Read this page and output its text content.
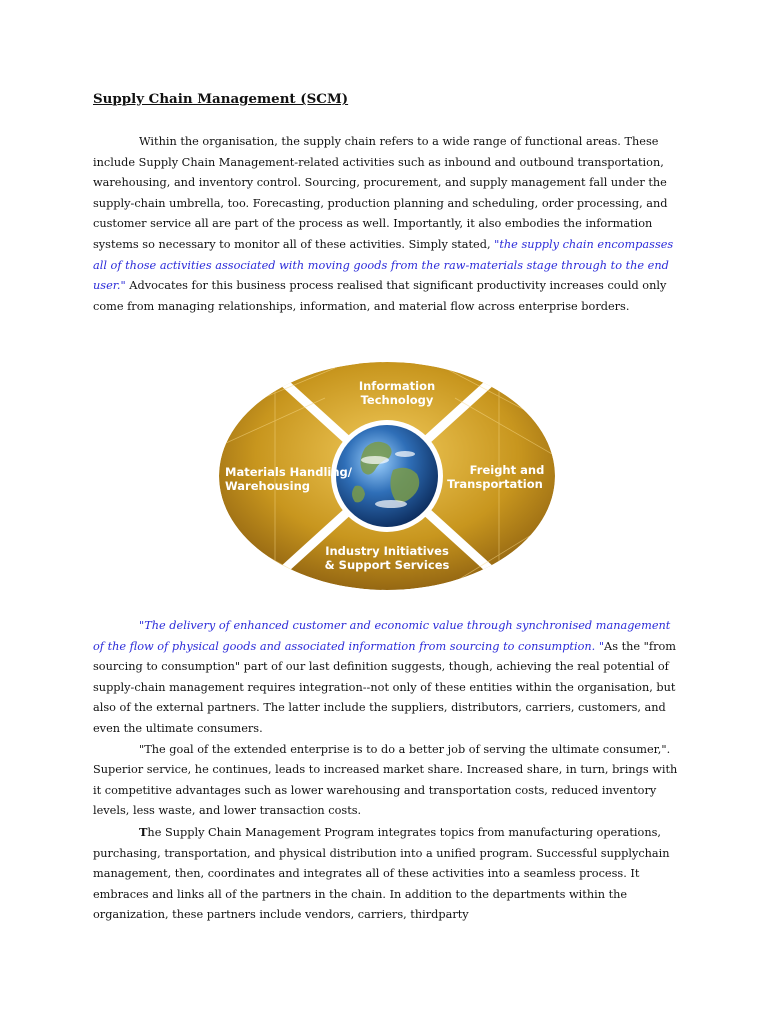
Supply Chain Management (SCM)

Within the organisation, the supply chain refers to a wide range of functional areas. These include Supply Chain Management-related activities such as inbound and outbound transportation, warehousing, and inventory control. Sourcing, procurement, and supply management fall under the supply-chain umbrella, too. Forecasting, production planning and scheduling, order processing, and customer service all are part of the process as well. Importantly, it also embodies the information systems so necessary to monitor all of these activities. Simply stated, "the supply chain encompasses all of those activities associated with moving goods from the raw-materials stage through to the end user." Advocates for this business process realised that significant productivity increases could only come from managing relationships, information, and material flow across enterprise borders.

Information
Technology
Materials Handling/
Warehousing
Freight and
Transportation
Industry Initiatives
& Support Services

"The delivery of enhanced customer and economic value through synchronised management of the flow of physical goods and associated information from sourcing to consumption. "As the "from sourcing to consumption" part of our last definition suggests, though, achieving the real potential of supply-chain management requires integration--not only of these entities within the organisation, but also of the external partners. The latter include the suppliers, distributors, carriers, customers, and even the ultimate consumers.
"The goal of the extended enterprise is to do a better job of serving the ultimate consumer,". Superior service, he continues, leads to increased market share. Increased share, in turn, brings with it competitive advantages such as lower warehousing and transportation costs, reduced inventory levels, less waste, and lower transaction costs.
The Supply Chain Management Program integrates topics from manufacturing operations, purchasing, transportation, and physical distribution into a unified program. Successful supplychain management, then, coordinates and integrates all of these activities into a seamless process. It embraces and links all of the partners in the chain. In addition to the departments within the organization, these partners include vendors, carriers, thirdparty
